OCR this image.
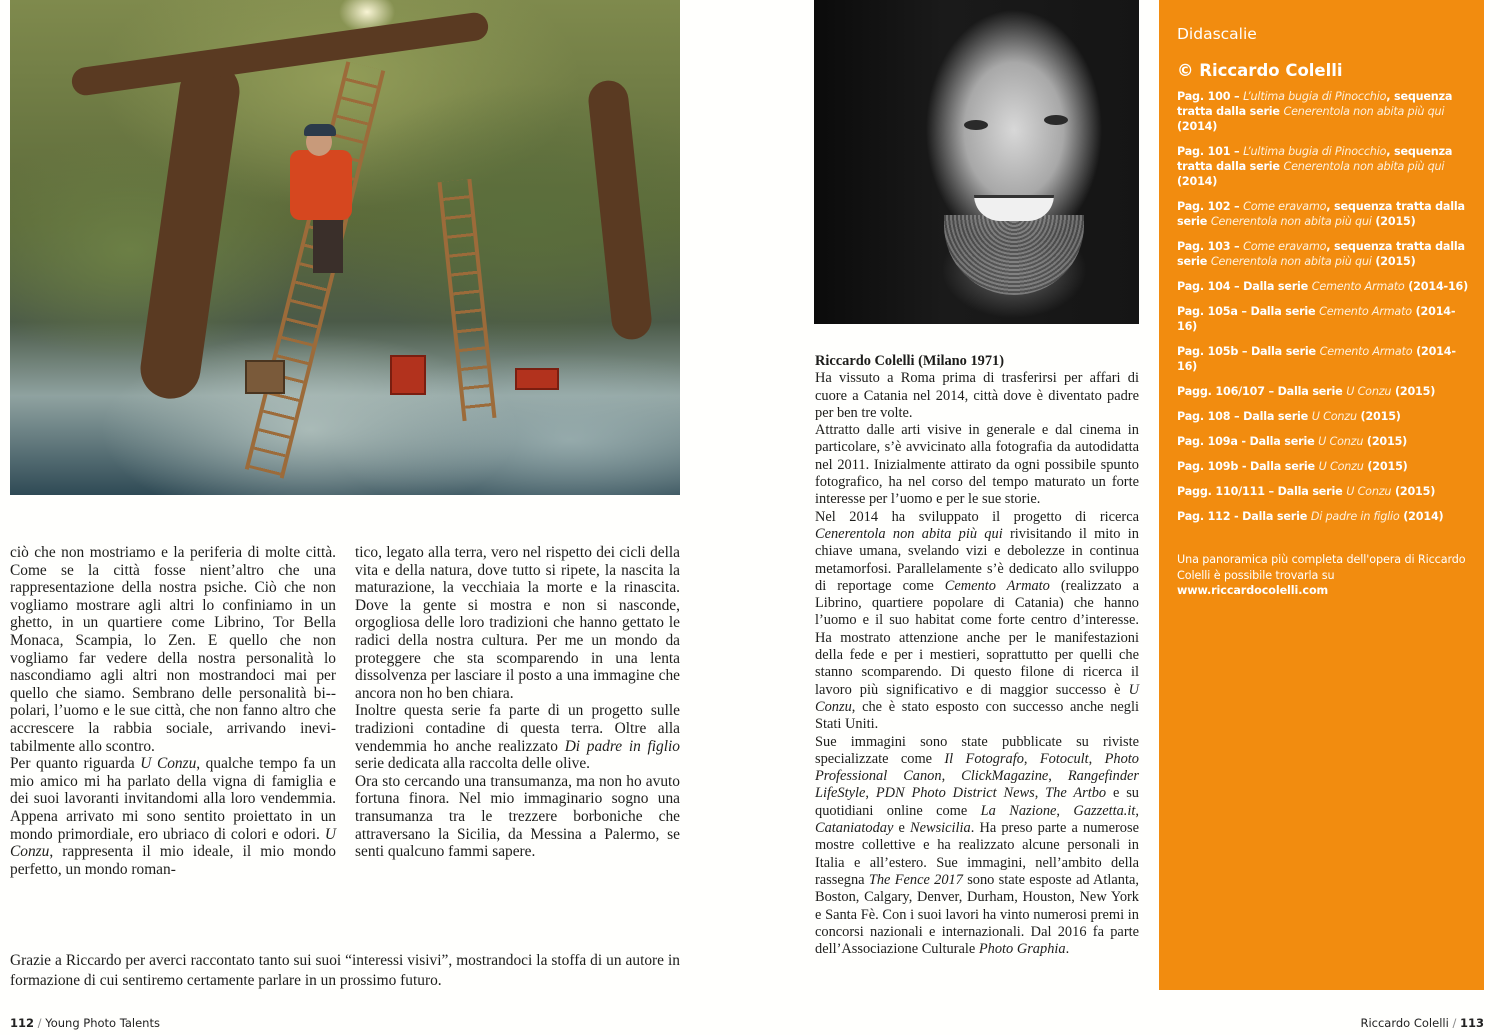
ciò che non mostriamo e la periferia di molte città. Come se la città fosse nient’altro che una rappresentazione della nostra psiche. Ciò che non vogliamo mostrare agli altri lo confiniamo in un ghetto, in un quartiere come Librino, Tor Bella Monaca, Scampia, lo Zen. E quello che non vogliamo far vedere della nostra personalità lo nascondiamo agli altri non mostrandoci mai per quello che siamo. Sembrano delle personalità bi-polari, l’uomo e le sue città, che non fanno altro che accrescere la rabbia sociale, arrivando inevitabilmente allo scontro.

Per quanto riguarda U Conzu, qualche tempo fa un mio amico mi ha parlato della vigna di famiglia e dei suoi lavoranti invitandomi alla loro vendemmia. Appena arrivato mi sono sentito proiettato in un mondo primordiale, ero ubriaco di colori e odori. U Conzu, rappresenta il mio ideale, il mio mondo perfetto, un mondo roman-

tico, legato alla terra, vero nel rispetto dei cicli della vita e della natura, dove tutto si ripete, la nascita la maturazione, la vecchiaia la morte e la rinascita. Dove la gente si mostra e non si nasconde, orgogliosa delle loro tradizioni che hanno gettato le radici della nostra cultura. Per me un mondo da proteggere che sta scomparendo in una lenta dissolvenza per lasciare il posto a una immagine che ancora non ho ben chiara.

Inoltre questa serie fa parte di un progetto sulle tradizioni contadine di questa terra. Oltre alla vendemmia ho anche realizzato Di padre in figlio serie dedicata alla raccolta delle olive.

Ora sto cercando una transumanza, ma non ho avuto fortuna finora. Nel mio immaginario sogno una transumanza tra le trezzere borboniche che attraversano la Sicilia, da Messina a Palermo, se senti qualcuno fammi sapere.

Grazie a Riccardo per averci raccontato tanto sui suoi “interessi visivi”, mostrandoci la stoffa di un autore in formazione di cui sentiremo certamente parlare in un prossimo futuro.

112 / Young Photo Talents
Riccardo Colelli (Milano 1971)

Ha vissuto a Roma prima di trasferirsi per affari di cuore a Catania nel 2014, città dove è diventato padre per ben tre volte.

Attratto dalle arti visive in generale e dal cinema in particolare, s’è avvicinato alla fotografia da autodidatta nel 2011. Inizialmente attirato da ogni possibile spunto fotografico, ha nel corso del tempo maturato un forte interesse per l’uomo e per le sue storie.

Nel 2014 ha sviluppato il progetto di ricerca Cenerentola non abita più qui rivisitando il mito in chiave umana, svelando vizi e debolezze in continua metamorfosi. Parallelamente s’è dedicato allo sviluppo di reportage come Cemento Armato (realizzato a Librino, quartiere popolare di Catania) che hanno l’uomo e il suo habitat come forte centro d’interesse. Ha mostrato attenzione anche per le manifestazioni della fede e per i mestieri, soprattutto per quelli che stanno scomparendo. Di questo filone di ricerca il lavoro più significativo e di maggior successo è U Conzu, che è stato esposto con successo anche negli Stati Uniti.

Sue immagini sono state pubblicate su riviste specializzate come Il Fotografo, Fotocult, Photo Professional Canon, ClickMagazine, Rangefinder LifeStyle, PDN Photo District News, The Artbo e su quotidiani online come La Nazione, Gazzetta.it, Cataniatoday e Newsicilia. Ha preso parte a numerose mostre collettive e ha realizzato alcune personali in Italia e all’estero. Sue immagini, nell’ambito della rassegna The Fence 2017 sono state esposte ad Atlanta, Boston, Calgary, Denver, Durham, Houston, New York e Santa Fè. Con i suoi lavori ha vinto numerosi premi in concorsi nazionali e internazionali. Dal 2016 fa parte dell’Associazione Culturale Photo Graphia.

Didascalie
© Riccardo Colelli
Pag. 100 – L’ultima bugia di Pinocchio, sequenza tratta dalla serie Cenerentola non abita più qui (2014)
Pag. 101 – L’ultima bugia di Pinocchio, sequenza tratta dalla serie Cenerentola non abita più qui (2014)
Pag. 102 – Come eravamo, sequenza tratta dalla serie Cenerentola non abita più qui (2015)
Pag. 103 – Come eravamo, sequenza tratta dalla serie Cenerentola non abita più qui (2015)
Pag. 104 – Dalla serie Cemento Armato (2014-16)
Pag. 105a – Dalla serie Cemento Armato (2014-16)
Pag. 105b – Dalla serie Cemento Armato (2014-16)
Pagg. 106/107 – Dalla serie U Conzu (2015)
Pag. 108 – Dalla serie U Conzu (2015)
Pag. 109a - Dalla serie U Conzu (2015)
Pag. 109b - Dalla serie U Conzu (2015)
Pagg. 110/111 – Dalla serie U Conzu (2015)
Pag. 112 - Dalla serie Di padre in figlio (2014)
Una panoramica più completa dell'opera di Riccardo Colelli è possibile trovarla su
www.riccardocolelli.com
Riccardo Colelli / 113
